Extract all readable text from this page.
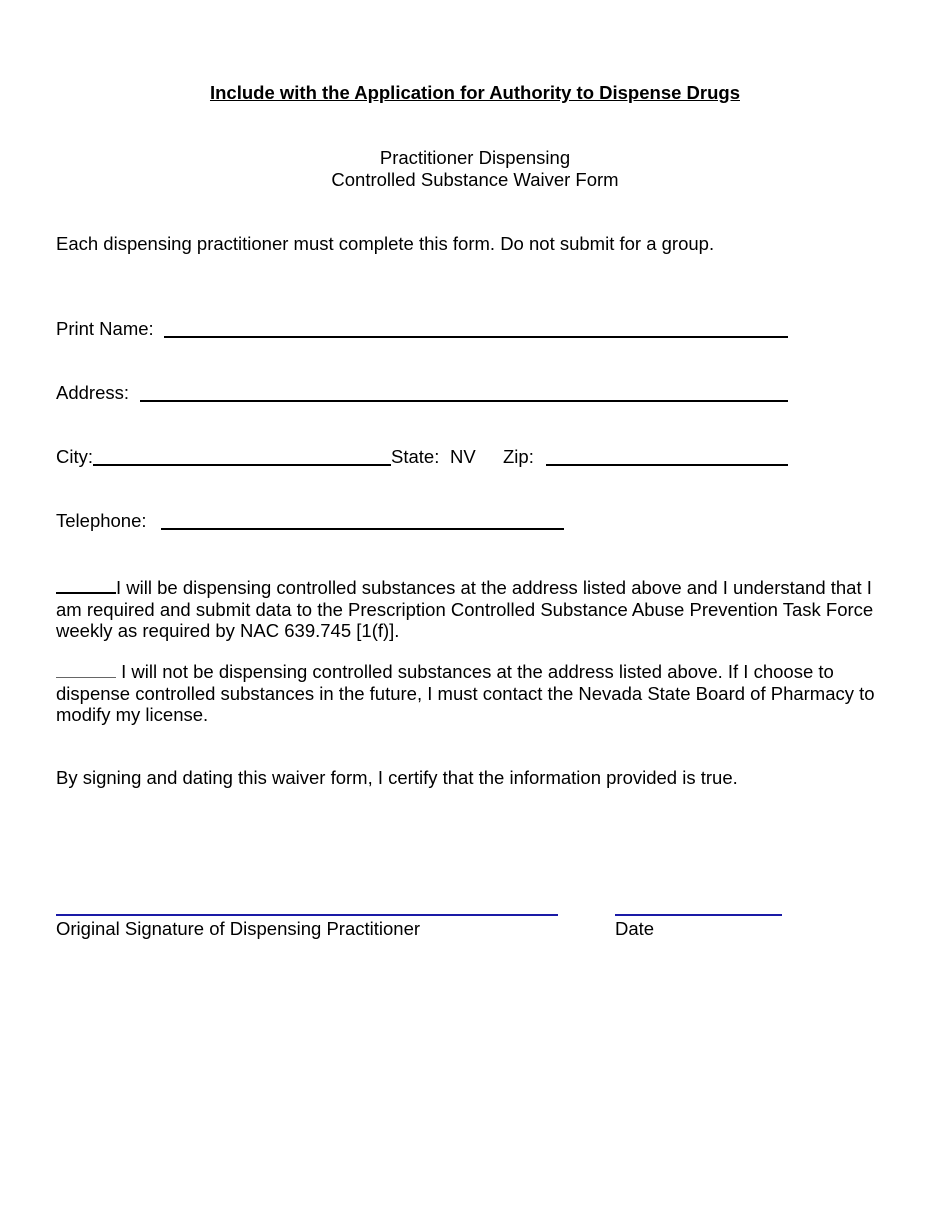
Include with the Application for Authority to Dispense Drugs
Practitioner Dispensing
Controlled Substance Waiver Form
Each dispensing practitioner must complete this form. Do not submit for a group.
Print Name:
Address:
City:	State: NV Zip:
Telephone:
I will be dispensing controlled substances at the address listed above and I understand that I am required and submit data to the Prescription Controlled Substance Abuse Prevention Task Force weekly as required by NAC 639.745 [1(f)].
I will not be dispensing controlled substances at the address listed above. If I choose to dispense controlled substances in the future, I must contact the Nevada State Board of Pharmacy to modify my license.
By signing and dating this waiver form, I certify that the information provided is true.
Original Signature of Dispensing Practitioner	Date
